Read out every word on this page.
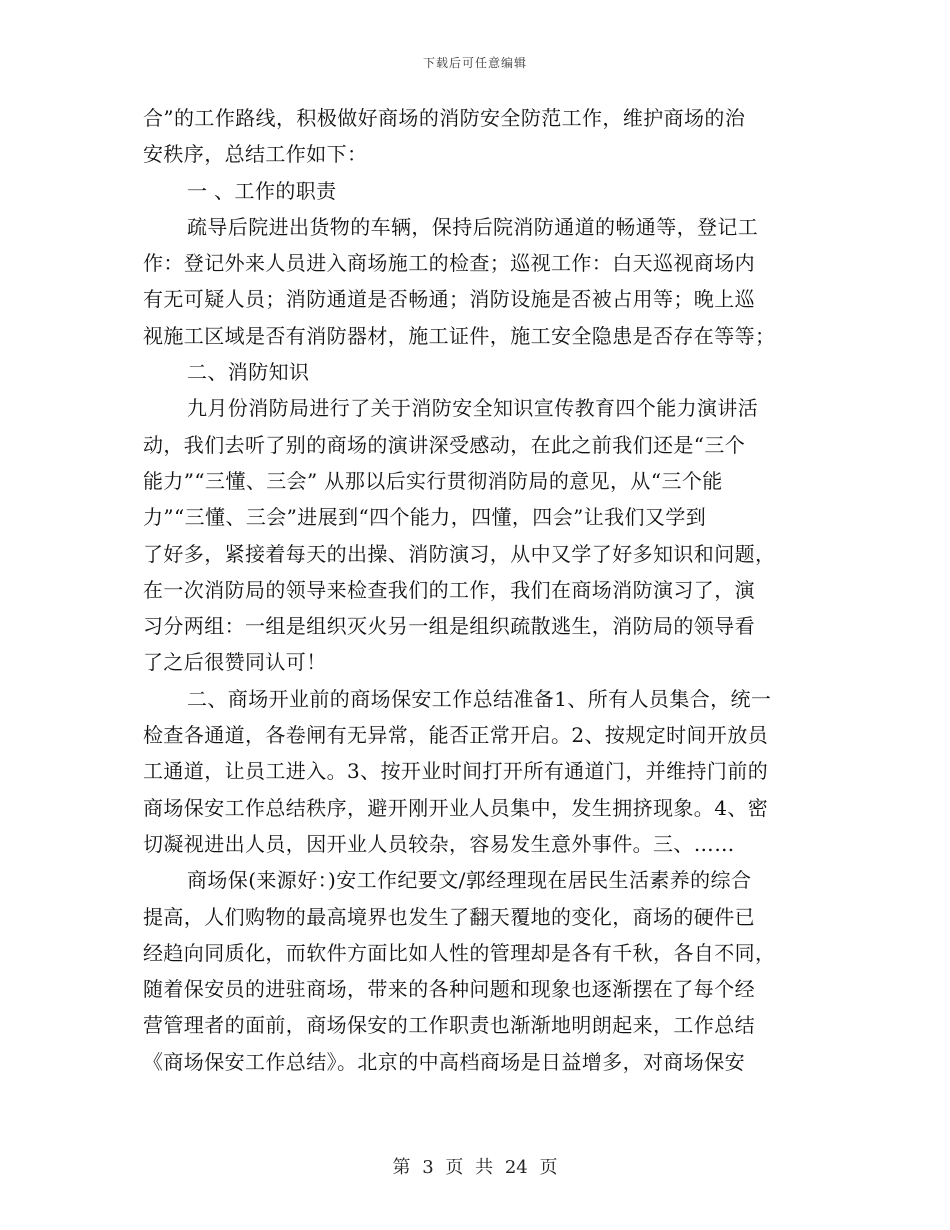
下载后可任意编辑
合”的工作路线，积极做好商场的消防安全防范工作，维护商场的治
安秩序，总结工作如下：
一 、工作的职责
疏导后院进出货物的车辆，保持后院消防通道的畅通等，登记工
作：登记外来人员进入商场施工的检查；巡视工作：白天巡视商场内
有无可疑人员；消防通道是否畅通；消防设施是否被占用等；晚上巡
视施工区域是否有消防器材，施工证件，施工安全隐患是否存在等等；
二、消防知识
九月份消防局进行了关于消防安全知识宣传教育四个能力演讲活
动，我们去听了别的商场的演讲深受感动，在此之前我们还是“三个
能力”“三懂、三会” 从那以后实行贯彻消防局的意见，从“三个能
力”“三懂、三会”进展到“四个能力，四懂，四会”让我们又学到
了好多，紧接着每天的出操、消防演习，从中又学了好多知识和问题，
在一次消防局的领导来检查我们的工作，我们在商场消防演习了，演
习分两组：一组是组织灭火另一组是组织疏散逃生，消防局的领导看
了之后很赞同认可！
二、商场开业前的商场保安工作总结准备1、所有人员集合，统一
检查各通道，各卷闸有无异常，能否正常开启。2、按规定时间开放员
工通道，让员工进入。3、按开业时间打开所有通道门，并维持门前的
商场保安工作总结秩序，避开刚开业人员集中，发生拥挤现象。4、密
切凝视进出人员，因开业人员较杂，容易发生意外事件。三、……
商场保(来源好：)安工作纪要文/郭经理现在居民生活素养的综合
提高，人们购物的最高境界也发生了翻天覆地的变化，商场的硬件已
经趋向同质化，而软件方面比如人性的管理却是各有千秋，各自不同，
随着保安员的进驻商场，带来的各种问题和现象也逐渐摆在了每个经
营管理者的面前，商场保安的工作职责也渐渐地明朗起来，工作总结
《商场保安工作总结》。北京的中高档商场是日益增多，对商场保安
第 3 页 共 24 页
